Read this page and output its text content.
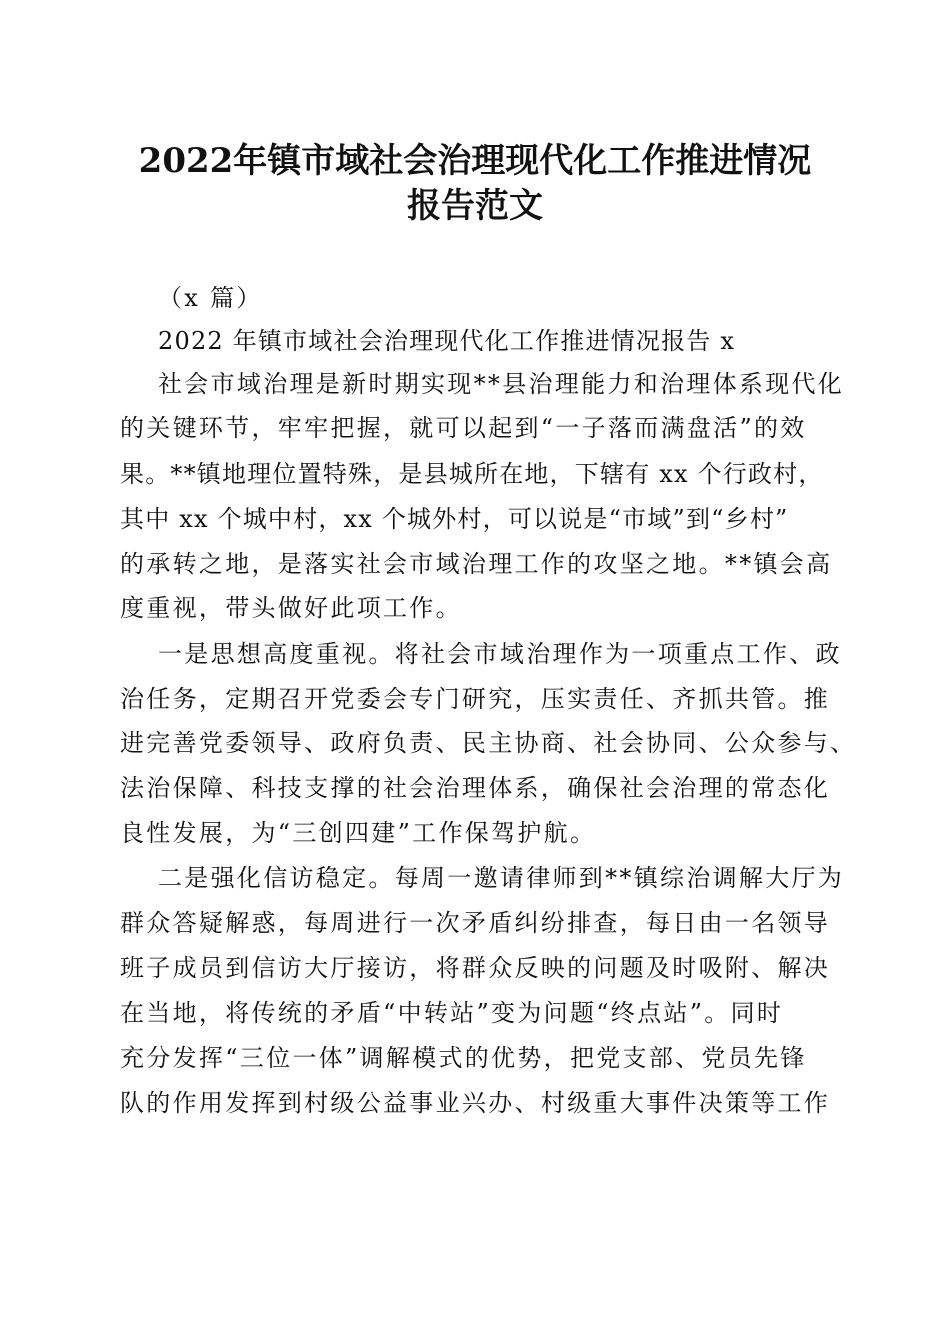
2022年镇市域社会治理现代化工作推进情况
报告范文

（x 篇）

2022 年镇市域社会治理现代化工作推进情况报告 x

社会市域治理是新时期实现**县治理能力和治理体系现代化

的关键环节，牢牢把握，就可以起到“一子落而满盘活”的效

果。**镇地理位置特殊，是县城所在地，下辖有 xx 个行政村，

其中 xx 个城中村，xx 个城外村，可以说是“市域”到“乡村”

的承转之地，是落实社会市域治理工作的攻坚之地。**镇会高

度重视，带头做好此项工作。

一是思想高度重视。将社会市域治理作为一项重点工作、政

治任务，定期召开党委会专门研究，压实责任、齐抓共管。推

进完善党委领导、政府负责、民主协商、社会协同、公众参与、

法治保障、科技支撑的社会治理体系，确保社会治理的常态化

良性发展，为“三创四建”工作保驾护航。

二是强化信访稳定。每周一邀请律师到**镇综治调解大厅为

群众答疑解惑，每周进行一次矛盾纠纷排查，每日由一名领导

班子成员到信访大厅接访，将群众反映的问题及时吸附、解决

在当地，将传统的矛盾“中转站”变为问题“终点站”。同时

充分发挥“三位一体”调解模式的优势，把党支部、党员先锋

队的作用发挥到村级公益事业兴办、村级重大事件决策等工作
